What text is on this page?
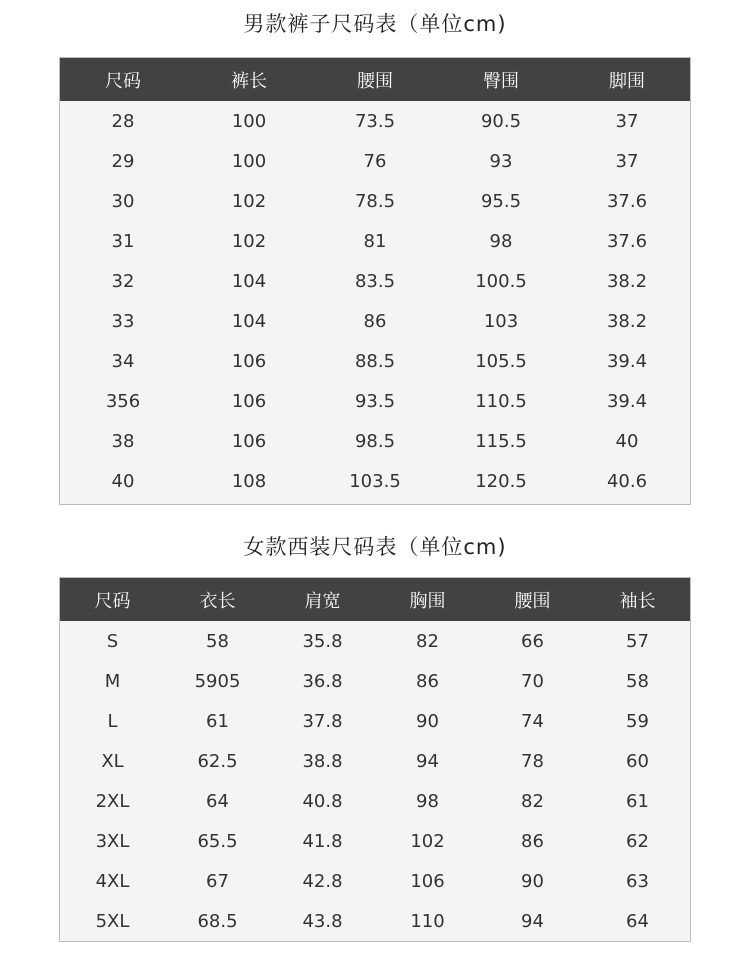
男款裤子尺码表（单位cm)
尺码	裤长	腰围	臀围	脚围
28	100	73.5	90.5	37
29	100	76	93	37
30	102	78.5	95.5	37.6
31	102	81	98	37.6
32	104	83.5	100.5	38.2
33	104	86	103	38.2
34	106	88.5	105.5	39.4
356	106	93.5	110.5	39.4
38	106	98.5	115.5	40
40	108	103.5	120.5	40.6
女款西装尺码表（单位cm)
尺码	衣长	肩宽	胸围	腰围	袖长
S	58	35.8	82	66	57
M	5905	36.8	86	70	58
L	61	37.8	90	74	59
XL	62.5	38.8	94	78	60
2XL	64	40.8	98	82	61
3XL	65.5	41.8	102	86	62
4XL	67	42.8	106	90	63
5XL	68.5	43.8	110	94	64
